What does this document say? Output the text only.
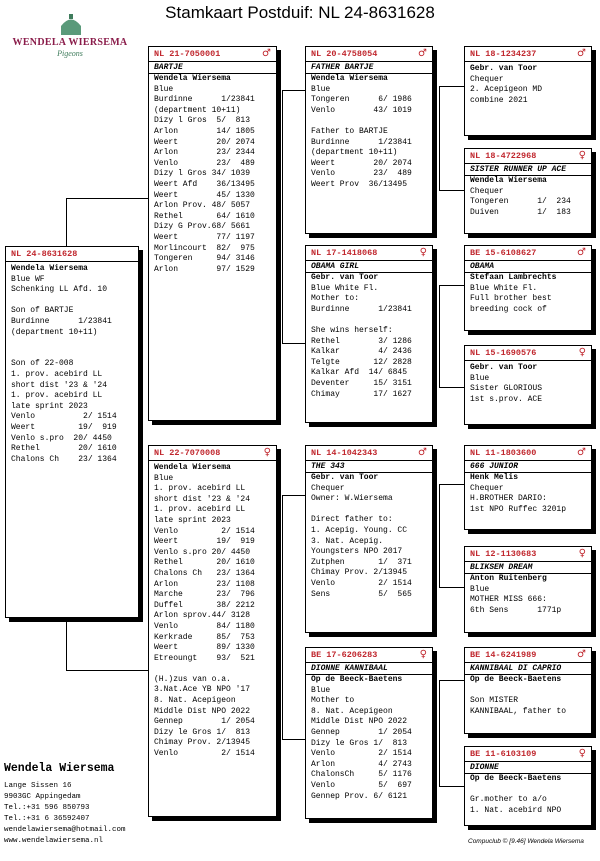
Stamkaart Postduif: NL 24-8631628
WENDELA WIERSEMA
Pigeons
NL 24-8631628
Wendela Wiersema
Blue WF
Schenking LL Afd. 10
Son of BARTJE
Burdinne      1/23841
(department 10+11)
Son of 22-008
1. prov. acebird LL
short dist '23 & '24
1. prov. acebird LL
late sprint 2023
Venlo          2/ 1514
Weert         19/  919
Venlo s.pro  20/ 4450
Rethel        20/ 1610
Chalons Ch    23/ 1364
NL 21-7050001	♂
BARTJE
Wendela Wiersema
Blue
Burdinne      1/23841
(department 10+11)
Dizy l Gros  5/  813
Arlon        14/ 1805
Weert        20/ 2074
Arlon        23/ 2344
Venlo        23/  489
Dizy l Gros 34/ 1039
Weert Afd    36/13495
Weert        45/ 1330
Arlon Prov. 48/ 5057
Rethel       64/ 1610
Dizy G Prov.68/ 5661
Weert        77/ 1197
Morlincourt  82/  975
Tongeren     94/ 3146
Arlon        97/ 1529
NL 22-7070008	♀
Wendela Wiersema
Blue
1. prov. acebird LL
short dist '23 & '24
1. prov. acebird LL
late sprint 2023
Venlo         2/ 1514
Weert        19/  919
Venlo s.pro 20/ 4450
Rethel       20/ 1610
Chalons Ch   23/ 1364
Arlon        23/ 1108
Marche       23/  796
Duffel       38/ 2212
Arlon sprov.44/ 3128
Venlo        84/ 1180
Kerkrade     85/  753
Weert        89/ 1330
Etreoungt    93/  521
(H.)zus van o.a.
3.Nat.Ace YB NPO '17
8. Nat. Acepigeon
Middle Dist NPO 2022
Gennep        1/ 2054
Dizy le Gros 1/  813
Chimay Prov. 2/13945
Venlo         2/ 1514
NL 20-4758054	♂
FATHER BARTJE
Wendela Wiersema
Blue
Tongeren      6/ 1986
Venlo        43/ 1019
Father to BARTJE
Burdinne      1/23841
(department 10+11)
Weert        20/ 2074
Venlo        23/  489
Weert Prov  36/13495
NL 17-1418068	♀
OBAMA GIRL
Gebr. van Toor
Blue White Fl.
Mother to:
Burdinne      1/23841
She wins herself:
Rethel        3/ 1286
Kalkar        4/ 2436
Telgte       12/ 2828
Kalkar Afd  14/ 6845
Deventer     15/ 3151
Chimay       17/ 1627
NL 14-1042343	♂
THE 343
Gebr. van Toor
Chequer
Owner: W.Wiersema
Direct father to:
1. Acepig. Young. CC
3. Nat. Acepig.
Youngsters NPO 2017
Zutphen       1/  371
Chimay Prov. 2/13945
Venlo         2/ 1514
Sens          5/  565
BE 17-6206283	♀
DIONNE KANNIBAAL
Op de Beeck-Baetens
Blue
Mother to
8. Nat. Acepigeon
Middle Dist NPO 2022
Gennep        1/ 2054
Dizy le Gros 1/  813
Venlo         2/ 1514
Arlon         4/ 2743
ChalonsCh     5/ 1176
Venlo         5/  697
Gennep Prov. 6/ 6121
NL 18-1234237	♂
Gebr. van Toor
Chequer
2. Acepigeon MD
combine 2021
NL 18-4722968	♀
SISTER RUNNER UP ACE
Wendela Wiersema
Chequer
Tongeren      1/  234
Duiven        1/  183
BE 15-6108627	♂
OBAMA
Stefaan Lambrechts
Blue White Fl.
Full brother best
breeding cock of
NL 15-1690576	♀
Gebr. van Toor
Blue
Sister GLORIOUS
1st s.prov. ACE
NL 11-1803600	♂
666 JUNIOR
Henk Melis
Chequer
H.BROTHER DARIO:
1st NPO Ruffec 3201p
NL 12-1130683	♀
BLIKSEM DREAM
Anton Ruitenberg
Blue
MOTHER MISS 666:
6th Sens      1771p
BE 14-6241989	♂
KANNIBAAL DI CAPRIO
Op de Beeck-Baetens
Son MISTER
KANNIBAAL, father to
BE 11-6103109	♀
DIONNE
Op de Beeck-Baetens
Gr.mother to a/o
1. Nat. acebird NPO
Wendela Wiersema
Lange Sissen 16
9903GC Appingedam
Tel.:+31 596 850793
Tel.:+31 6 36592407
wendelawiersema@hotmail.com
www.wendelawiersema.nl	Compuclub © [9.46] Wendela Wiersema
